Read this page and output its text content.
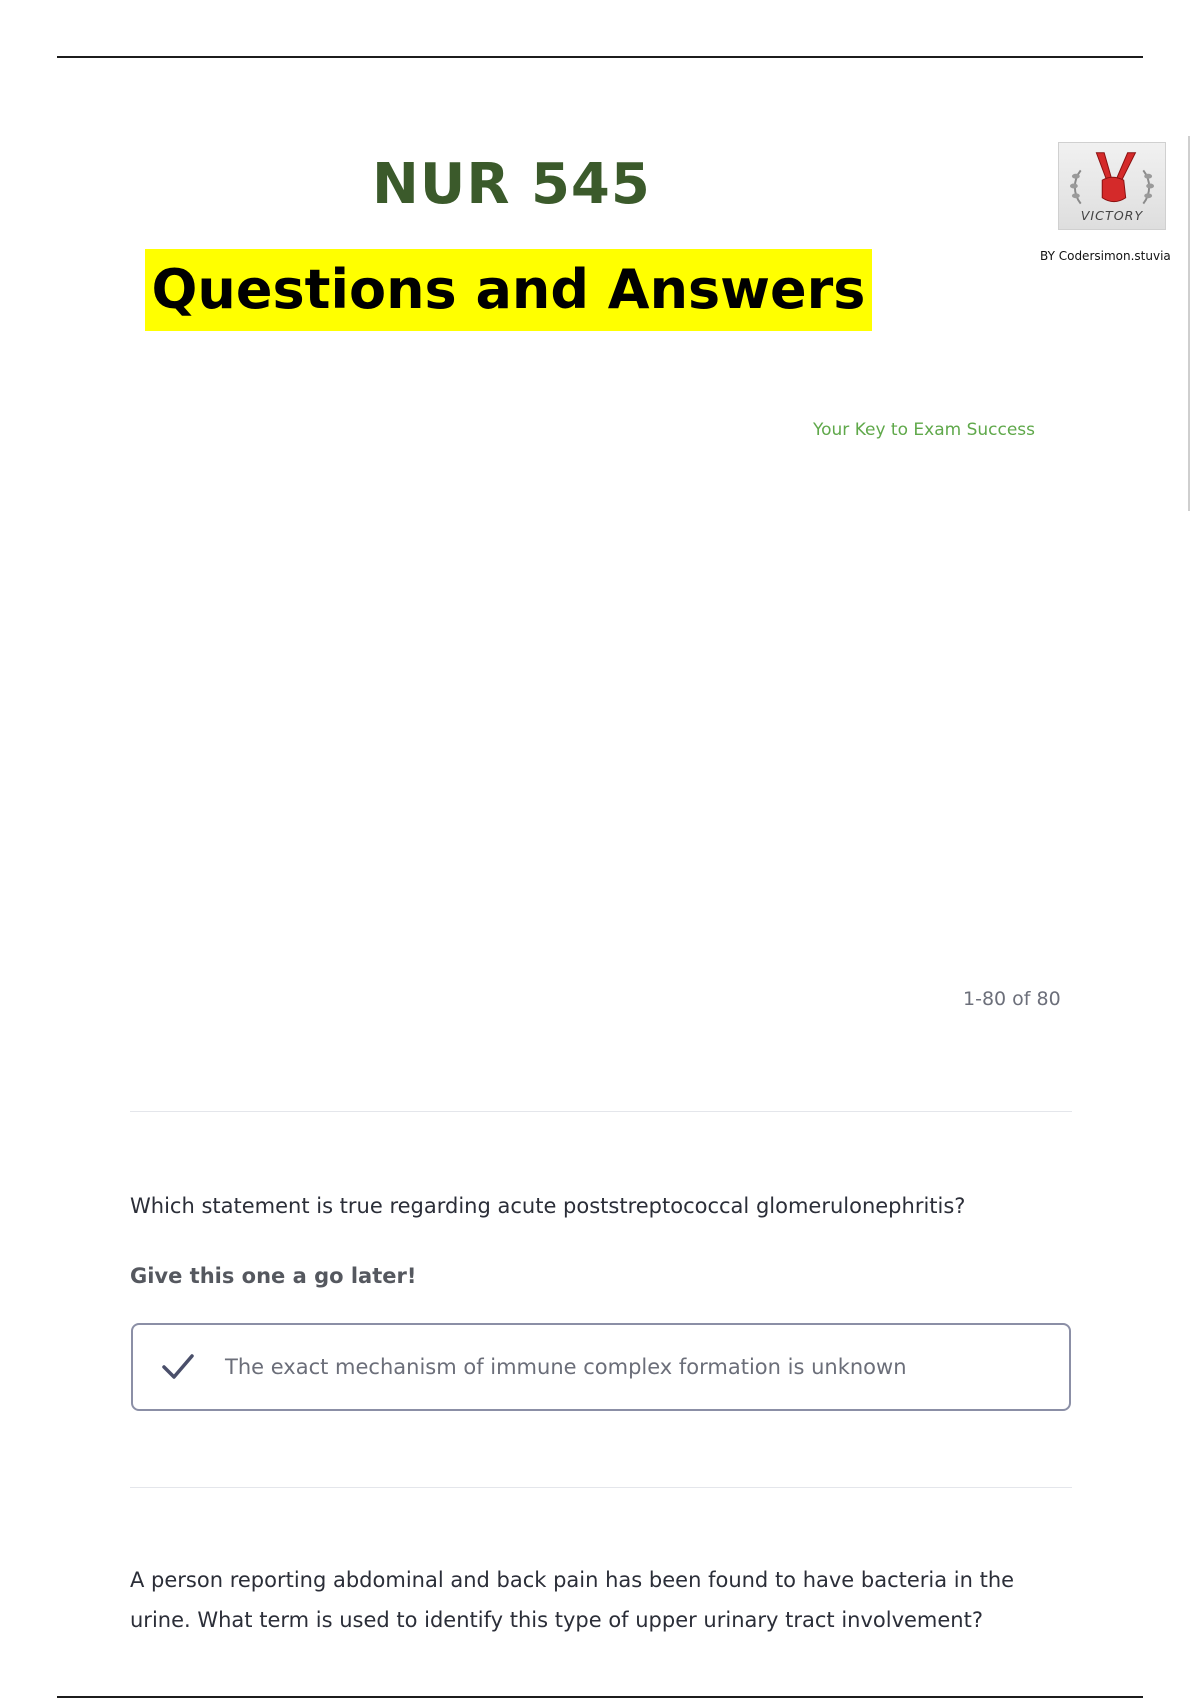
NUR 545
Questions and Answers
VICTORY
BY Codersimon.stuvia
Your Key to Exam Success
1-80 of 80

Which statement is true regarding acute poststreptococcal glomerulonephritis?

Give this one a go later!
The exact mechanism of immune complex formation is unknown

A person reporting abdominal and back pain has been found to have bacteria in the urine. What term is used to identify this type of upper urinary tract involvement?
